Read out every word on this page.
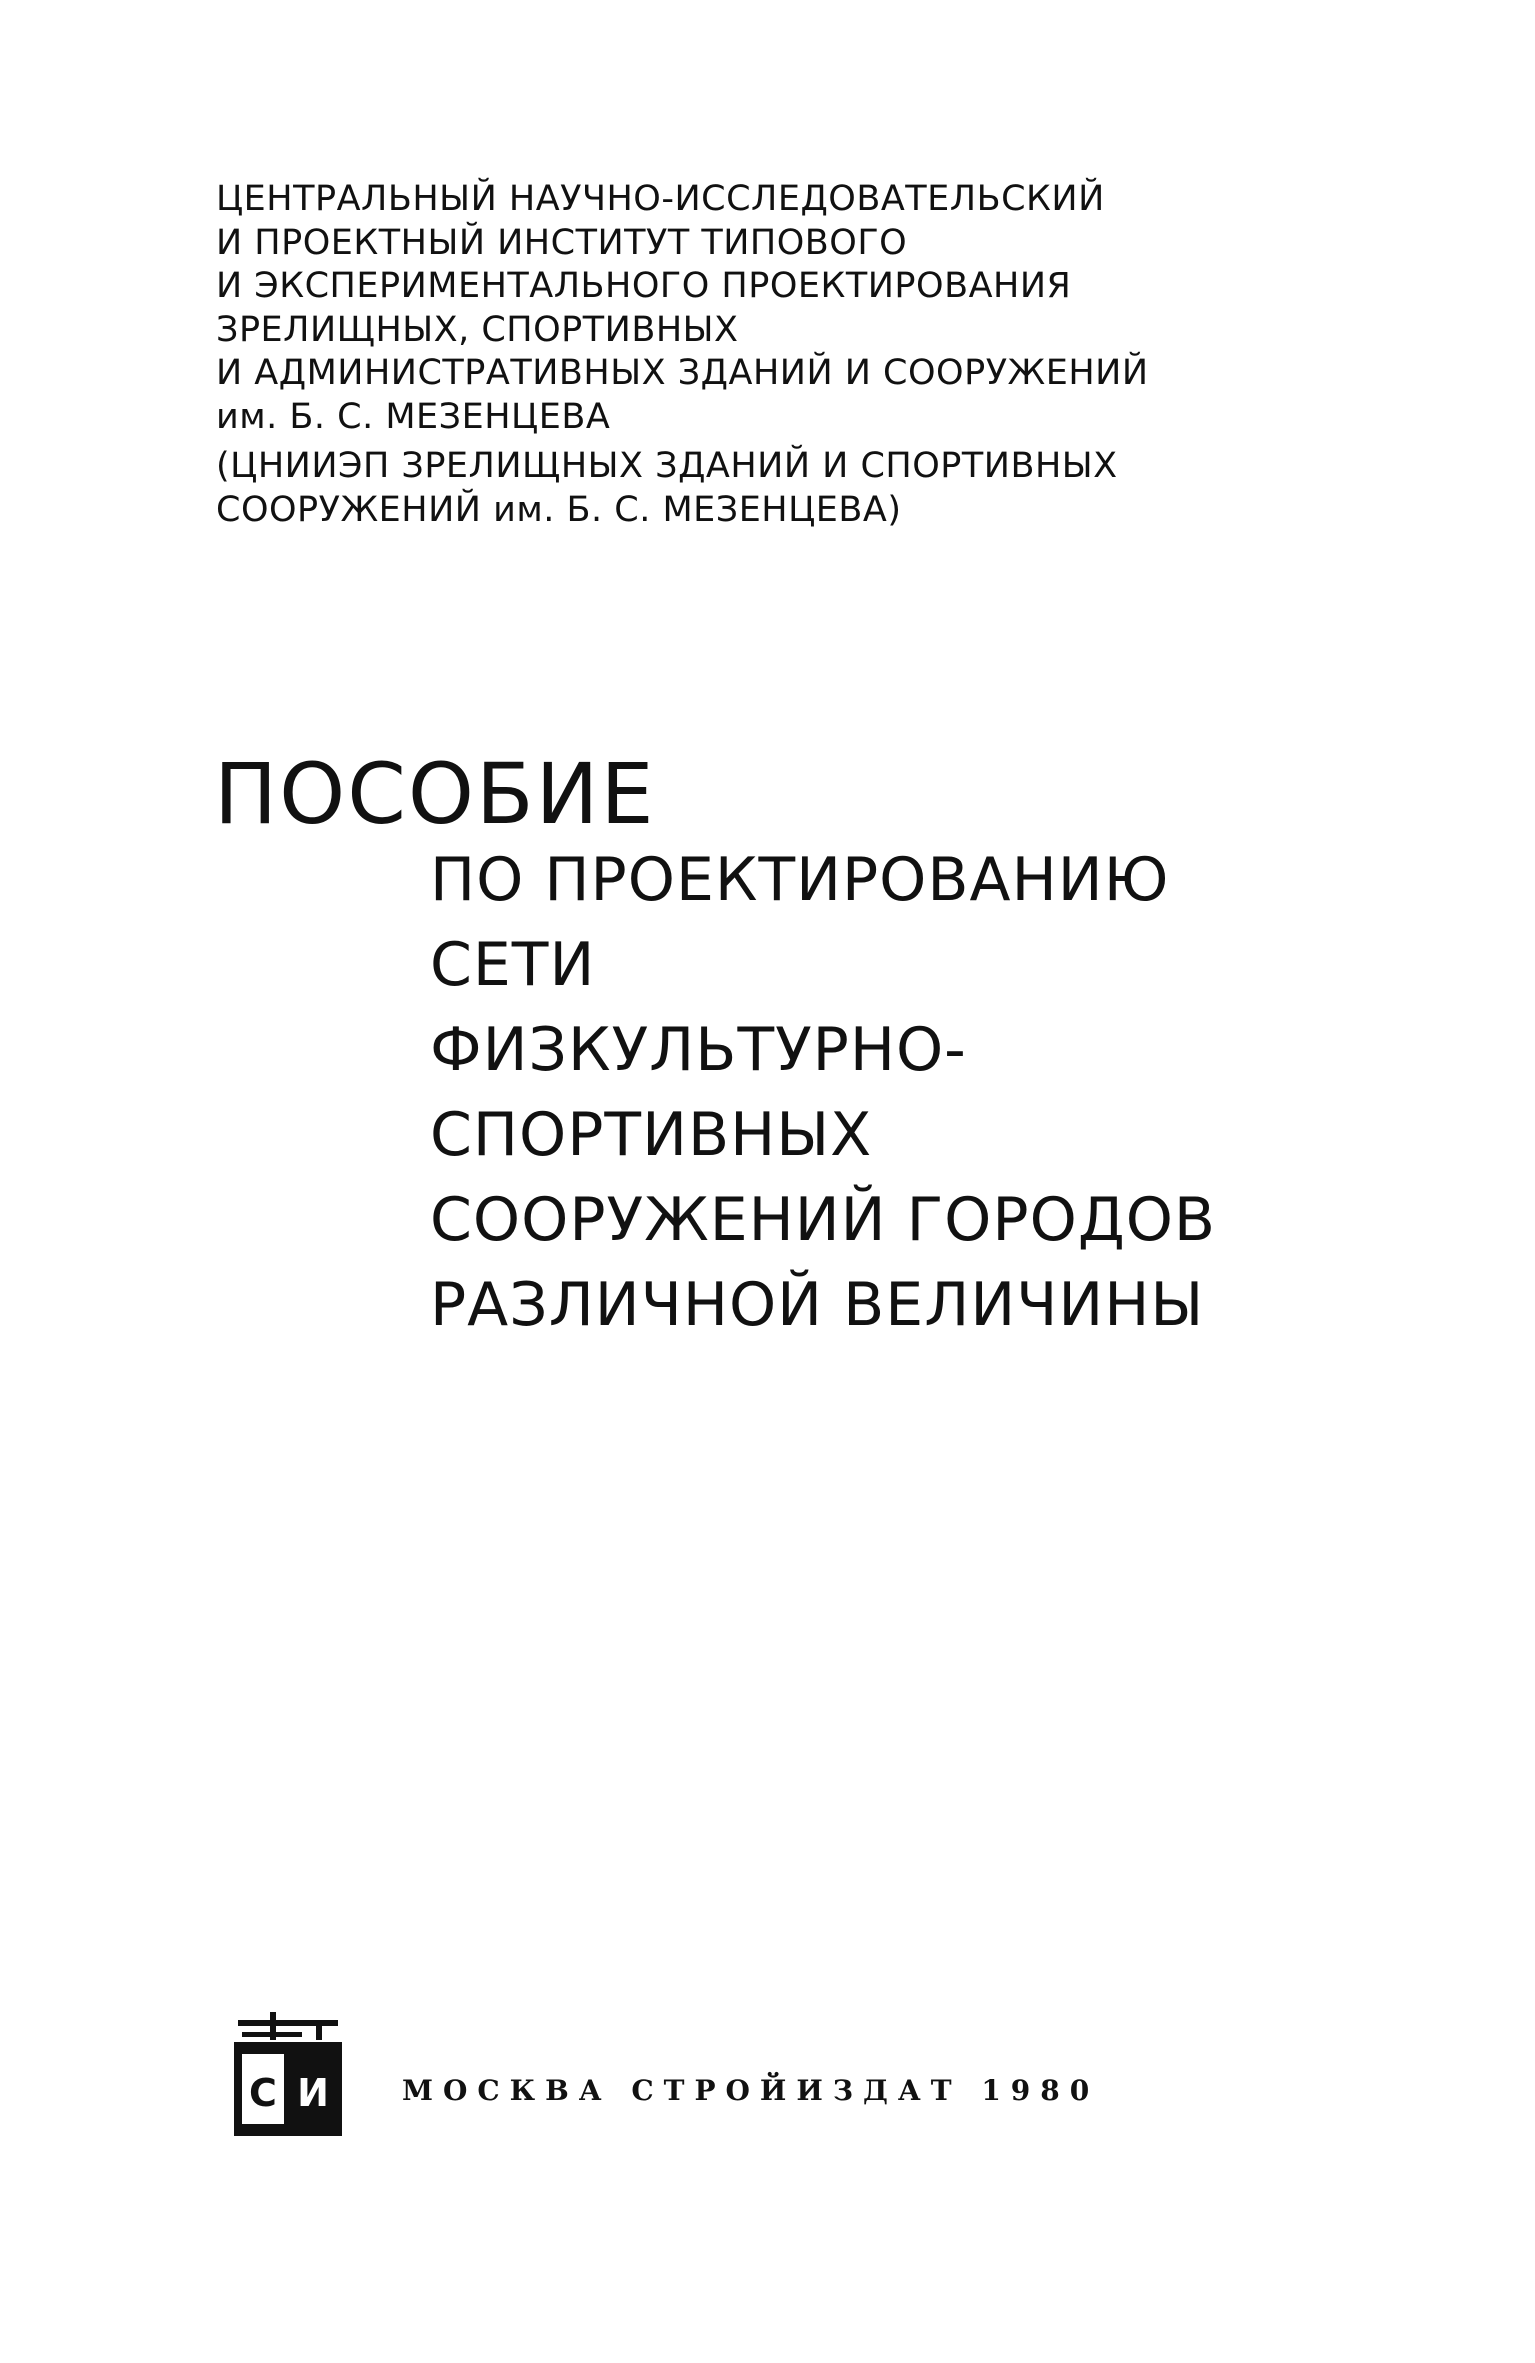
ЦЕНТРАЛЬНЫЙ НАУЧНО-ИССЛЕДОВАТЕЛЬСКИЙ
И ПРОЕКТНЫЙ ИНСТИТУТ ТИПОВОГО
И ЭКСПЕРИМЕНТАЛЬНОГО ПРОЕКТИРОВАНИЯ
ЗРЕЛИЩНЫХ, СПОРТИВНЫХ
И АДМИНИСТРАТИВНЫХ ЗДАНИЙ И СООРУЖЕНИЙ
им. Б. С. МЕЗЕНЦЕВА
(ЦНИИЭП ЗРЕЛИЩНЫХ ЗДАНИЙ И СПОРТИВНЫХ
СООРУЖЕНИЙ им. Б. С. МЕЗЕНЦЕВА)
ПОСОБИЕ
ПО ПРОЕКТИРОВАНИЮ
СЕТИ
ФИЗКУЛЬТУРНО-
СПОРТИВНЫХ
СООРУЖЕНИЙ ГОРОДОВ
РАЗЛИЧНОЙ ВЕЛИЧИНЫ
С И	МОСКВА СТРОЙИЗДАТ 1980
